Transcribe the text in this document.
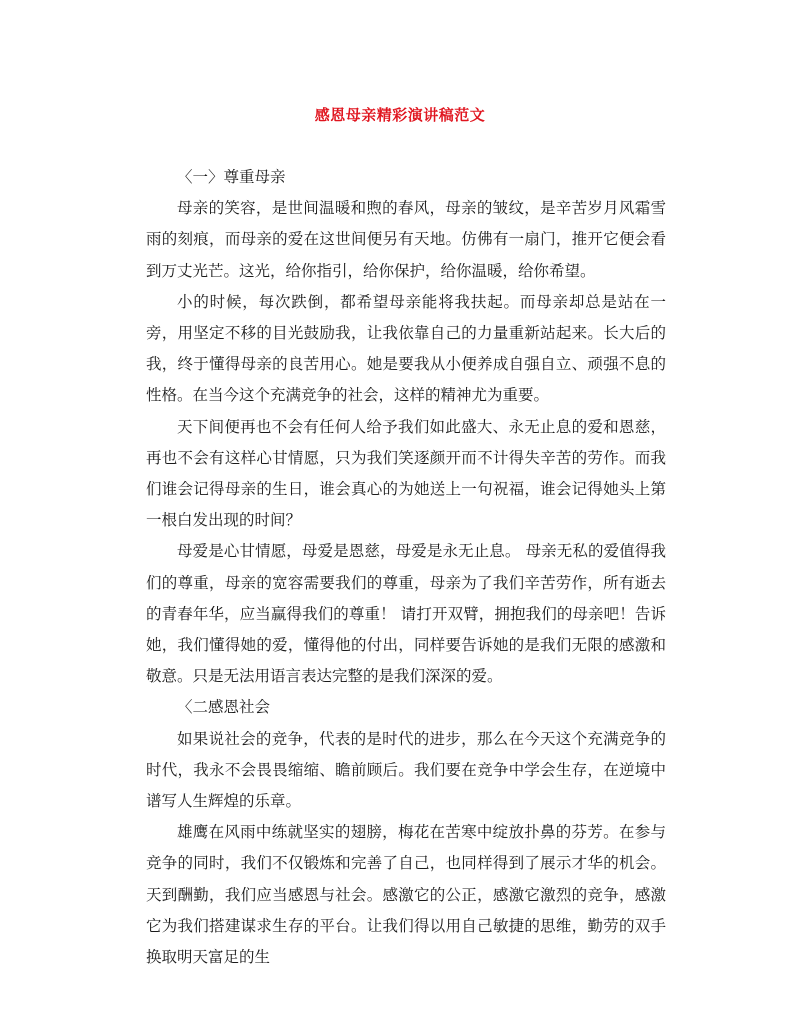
感恩母亲精彩演讲稿范文

〈一〉尊重母亲

母亲的笑容，是世间温暖和煦的春风，母亲的皱纹，是辛苦岁月风霜雪雨的刻痕，而母亲的爱在这世间便另有天地。仿佛有一扇门，推开它便会看到万丈光芒。这光，给你指引，给你保护，给你温暖，给你希望。

小的时候，每次跌倒，都希望母亲能将我扶起。而母亲却总是站在一旁，用坚定不移的目光鼓励我，让我依靠自己的力量重新站起来。长大后的我，终于懂得母亲的良苦用心。她是要我从小便养成自强自立、顽强不息的性格。在当今这个充满竞争的社会，这样的精神尤为重要。

天下间便再也不会有任何人给予我们如此盛大、永无止息的爱和恩慈，再也不会有这样心甘情愿，只为我们笑逐颜开而不计得失辛苦的劳作。而我们谁会记得母亲的生日，谁会真心的为她送上一句祝福，谁会记得她头上第一根白发出现的时间？

母爱是心甘情愿，母爱是恩慈，母爱是永无止息。 母亲无私的爱值得我们的尊重，母亲的宽容需要我们的尊重，母亲为了我们辛苦劳作，所有逝去的青春年华，应当赢得我们的尊重！ 请打开双臂，拥抱我们的母亲吧！告诉她，我们懂得她的爱，懂得他的付出，同样要告诉她的是我们无限的感激和敬意。只是无法用语言表达完整的是我们深深的爱。

〈二感恩社会

如果说社会的竞争，代表的是时代的进步，那么在今天这个充满竞争的时代，我永不会畏畏缩缩、瞻前顾后。我们要在竞争中学会生存，在逆境中谱写人生辉煌的乐章。

雄鹰在风雨中练就坚实的翅膀，梅花在苦寒中绽放扑鼻的芬芳。在参与竞争的同时，我们不仅锻炼和完善了自己，也同样得到了展示才华的机会。天到酬勤，我们应当感恩与社会。感激它的公正，感激它激烈的竞争，感激它为我们搭建谋求生存的平台。让我们得以用自己敏捷的思维，勤劳的双手换取明天富足的生
